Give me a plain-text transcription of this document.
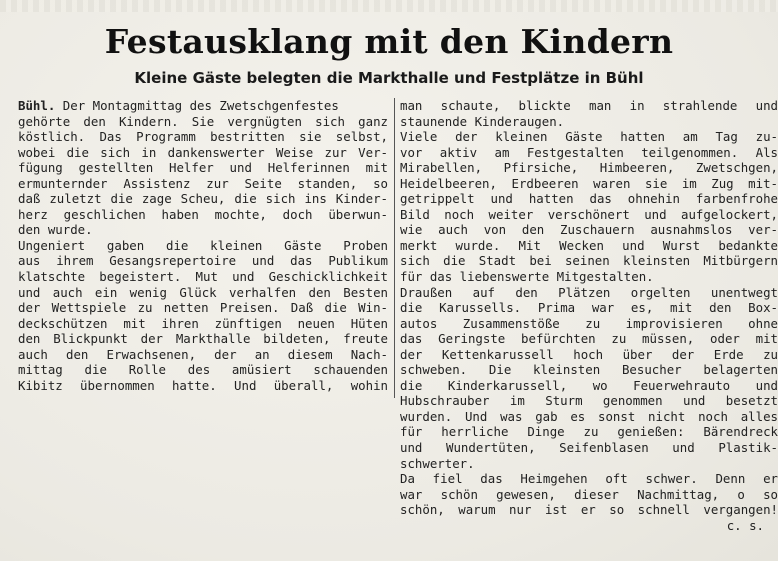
Festausklang mit den Kindern
Kleine Gäste belegten die Markthalle und Festplätze in Bühl
Bühl. Der Montagmittag des Zwetschgenfestes
gehörte den Kindern. Sie vergnügten sich ganz
köstlich. Das Programm bestritten sie selbst,
wobei die sich in dankenswerter Weise zur Ver-
fügung gestellten Helfer und Helferinnen mit
ermunternder Assistenz zur Seite standen, so
daß zuletzt die zage Scheu, die sich ins Kinder-
herz geschlichen haben mochte, doch überwun-
den wurde.
Ungeniert gaben die kleinen Gäste Proben
aus ihrem Gesangsrepertoire und das Publikum
klatschte begeistert. Mut und Geschicklichkeit
und auch ein wenig Glück verhalfen den Besten
der Wettspiele zu netten Preisen. Daß die Win-
deckschützen mit ihren zünftigen neuen Hüten
den Blickpunkt der Markthalle bildeten, freute
auch den Erwachsenen, der an diesem Nach-
mittag die Rolle des amüsiert schauenden
Kibitz übernommen hatte. Und überall, wohin
man schaute, blickte man in strahlende und
staunende Kinderaugen.
Viele der kleinen Gäste hatten am Tag zu-
vor aktiv am Festgestalten teilgenommen. Als
Mirabellen, Pfirsiche, Himbeeren, Zwetschgen,
Heidelbeeren, Erdbeeren waren sie im Zug mit-
getrippelt und hatten das ohnehin farbenfrohe
Bild noch weiter verschönert und aufgelockert,
wie auch von den Zuschauern ausnahmslos ver-
merkt wurde. Mit Wecken und Wurst bedankte
sich die Stadt bei seinen kleinsten Mitbürgern
für das liebenswerte Mitgestalten.
Draußen auf den Plätzen orgelten unentwegt
die Karussells. Prima war es, mit den Box-
autos Zusammenstöße zu improvisieren ohne
das Geringste befürchten zu müssen, oder mit
der Kettenkarussell hoch über der Erde zu
schweben. Die kleinsten Besucher belagerten
die Kinderkarussell, wo Feuerwehrauto und
Hubschrauber im Sturm genommen und besetzt
wurden. Und was gab es sonst nicht noch alles
für herrliche Dinge zu genießen: Bärendreck
und Wundertüten, Seifenblasen und Plastik-
schwerter.
Da fiel das Heimgehen oft schwer. Denn er
war schön gewesen, dieser Nachmittag, o so
schön, warum nur ist er so schnell vergangen!
c. s.
